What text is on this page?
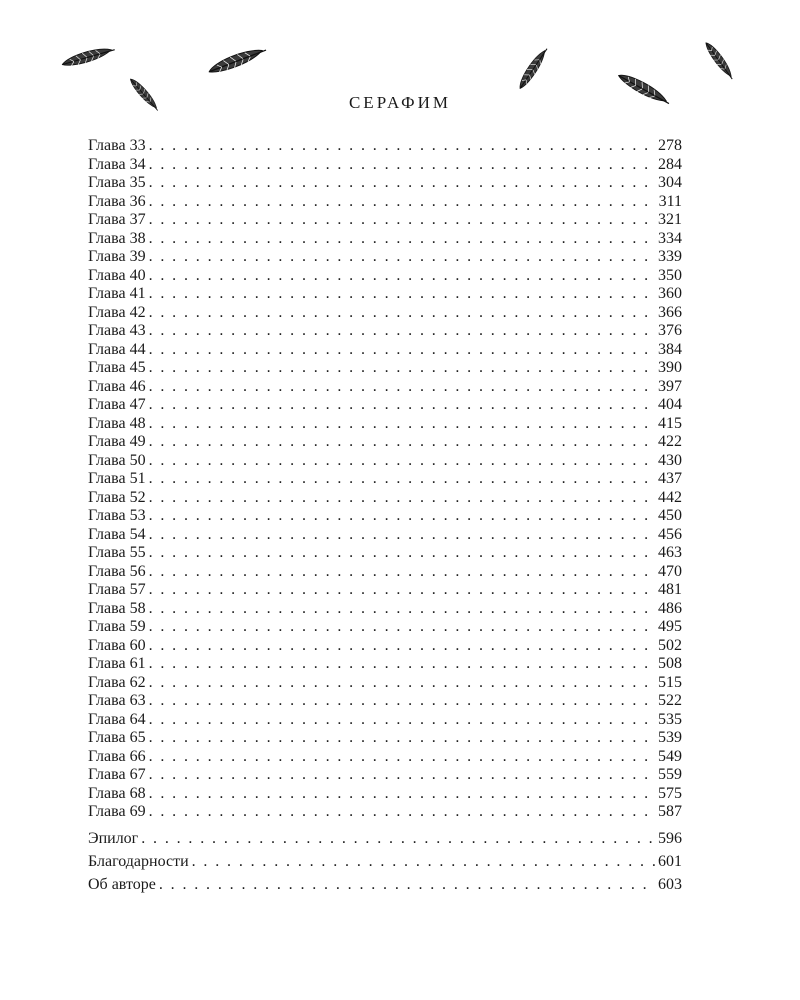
СЕРАФИМ
Глава 33 . . .	278
Глава 34 . . .	284
Глава 35 . . .	304
Глава 36 . . .	311
Глава 37 . . .	321
Глава 38 . . .	334
Глава 39 . . .	339
Глава 40 . . .	350
Глава 41 . . .	360
Глава 42 . . .	366
Глава 43 . . .	376
Глава 44 . . .	384
Глава 45 . . .	390
Глава 46 . . .	397
Глава 47 . . .	404
Глава 48 . . .	415
Глава 49 . . .	422
Глава 50 . . .	430
Глава 51 . . .	437
Глава 52 . . .	442
Глава 53 . . .	450
Глава 54 . . .	456
Глава 55 . . .	463
Глава 56 . . .	470
Глава 57 . . .	481
Глава 58 . . .	486
Глава 59 . . .	495
Глава 60 . . .	502
Глава 61 . . .	508
Глава 62 . . .	515
Глава 63 . . .	522
Глава 64 . . .	535
Глава 65 . . .	539
Глава 66 . . .	549
Глава 67 . . .	559
Глава 68 . . .	575
Глава 69 . . .	587
Эпилог . . .	596
Благодарности . . .	601
Об авторе . . .	603
